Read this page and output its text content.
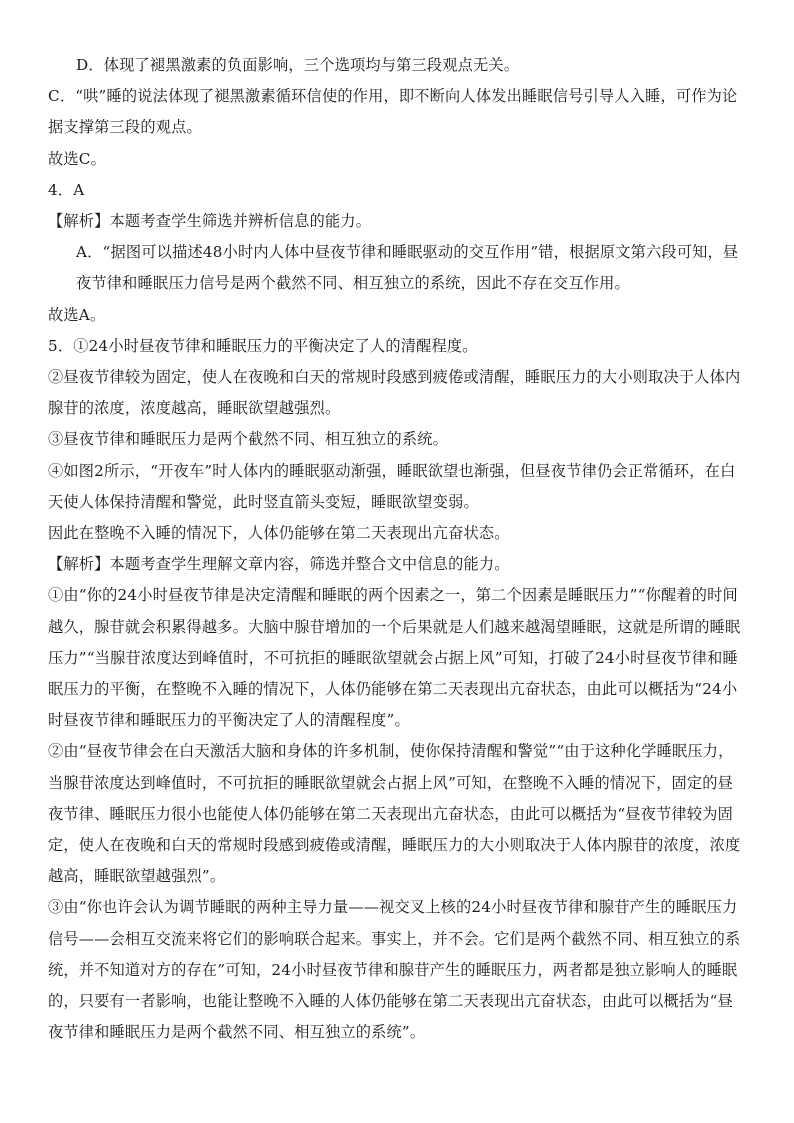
D．体现了褪黑激素的负面影响，三个选项均与第三段观点无关。

C．“哄”睡的说法体现了褪黑激素循环信使的作用，即不断向人体发出睡眠信号引导人入睡，可作为论据支撑第三段的观点。

故选C。

4．A

【解析】本题考查学生筛选并辨析信息的能力。

A．“据图可以描述48小时内人体中昼夜节律和睡眠驱动的交互作用”错，根据原文第六段可知，昼夜节律和睡眠压力信号是两个截然不同、相互独立的系统，因此不存在交互作用。

故选A。

5．①24小时昼夜节律和睡眠压力的平衡决定了人的清醒程度。

②昼夜节律较为固定，使人在夜晚和白天的常规时段感到疲倦或清醒，睡眠压力的大小则取决于人体内腺苷的浓度，浓度越高，睡眠欲望越强烈。

③昼夜节律和睡眠压力是两个截然不同、相互独立的系统。

④如图2所示，“开夜车”时人体内的睡眠驱动渐强，睡眠欲望也渐强，但昼夜节律仍会正常循环，在白天使人体保持清醒和警觉，此时竖直箭头变短，睡眠欲望变弱。

因此在整晚不入睡的情况下，人体仍能够在第二天表现出亢奋状态。

【解析】本题考查学生理解文章内容，筛选并整合文中信息的能力。

①由“你的24小时昼夜节律是决定清醒和睡眠的两个因素之一，第二个因素是睡眠压力”“你醒着的时间越久，腺苷就会积累得越多。大脑中腺苷增加的一个后果就是人们越来越渴望睡眠，这就是所谓的睡眠压力”“当腺苷浓度达到峰值时，不可抗拒的睡眠欲望就会占据上风”可知，打破了24小时昼夜节律和睡眠压力的平衡，在整晚不入睡的情况下，人体仍能够在第二天表现出亢奋状态，由此可以概括为“24小时昼夜节律和睡眠压力的平衡决定了人的清醒程度”。

②由“昼夜节律会在白天激活大脑和身体的许多机制，使你保持清醒和警觉”“由于这种化学睡眠压力，当腺苷浓度达到峰值时，不可抗拒的睡眠欲望就会占据上风”可知，在整晚不入睡的情况下，固定的昼夜节律、睡眠压力很小也能使人体仍能够在第二天表现出亢奋状态，由此可以概括为“昼夜节律较为固定，使人在夜晚和白天的常规时段感到疲倦或清醒，睡眠压力的大小则取决于人体内腺苷的浓度，浓度越高，睡眠欲望越强烈”。

③由“你也许会认为调节睡眠的两种主导力量——视交叉上核的24小时昼夜节律和腺苷产生的睡眠压力信号——会相互交流来将它们的影响联合起来。事实上，并不会。它们是两个截然不同、相互独立的系统，并不知道对方的存在”可知，24小时昼夜节律和腺苷产生的睡眠压力，两者都是独立影响人的睡眠的，只要有一者影响，也能让整晚不入睡的人体仍能够在第二天表现出亢奋状态，由此可以概括为“昼夜节律和睡眠压力是两个截然不同、相互独立的系统”。
